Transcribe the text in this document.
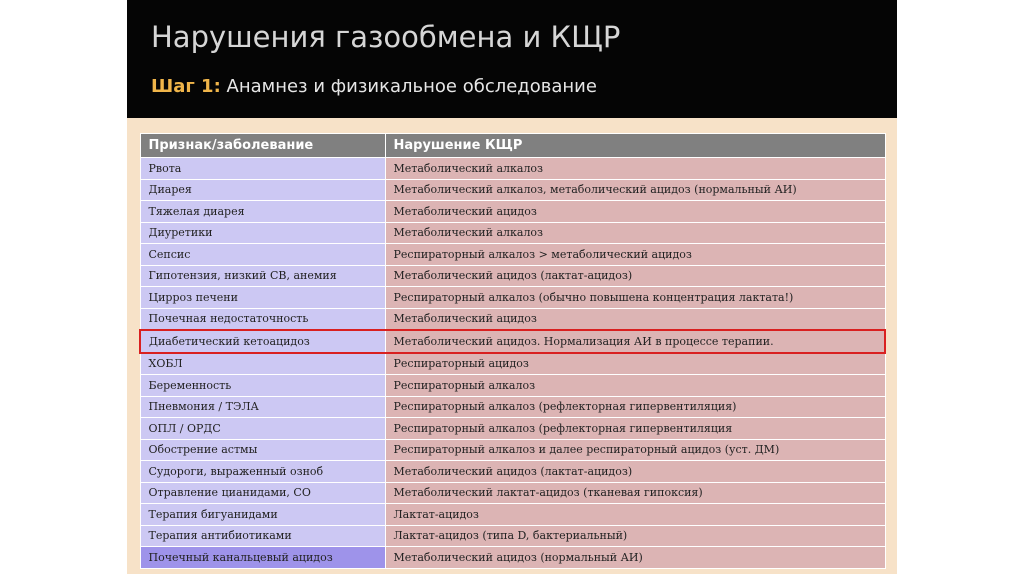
Нарушения газообмена и КЩР
Шаг 1: Анамнез и физикальное обследование
Признак/заболевание	Нарушение КЩР
Рвота	Метаболический алкалоз
Диарея	Метаболический алкалоз, метаболический ацидоз (нормальный АИ)
Тяжелая диарея	Метаболический ацидоз
Диуретики	Метаболический алкалоз
Сепсис	Респираторный алкалоз > метаболический ацидоз
Гипотензия, низкий СВ, анемия	Метаболический ацидоз (лактат-ацидоз)
Цирроз печени	Респираторный алкалоз (обычно повышена концентрация лактата!)
Почечная недостаточность	Метаболический ацидоз
Диабетический кетоацидоз	Метаболический ацидоз. Нормализация АИ в процессе терапии.
ХОБЛ	Респираторный ацидоз
Беременность	Респираторный алкалоз
Пневмония / ТЭЛА	Респираторный алкалоз (рефлекторная гипервентиляция)
ОПЛ / ОРДС	Респираторный алкалоз (рефлекторная гипервентиляция
Обострение астмы	Респираторный алкалоз и далее респираторный ацидоз (уст. ДМ)
Судороги, выраженный озноб	Метаболический ацидоз (лактат-ацидоз)
Отравление цианидами, СО	Метаболический лактат-ацидоз (тканевая гипоксия)
Терапия бигуанидами	Лактат-ацидоз
Терапия антибиотиками	Лактат-ацидоз (типа D, бактериальный)
Почечный канальцевый ацидоз	Метаболический ацидоз (нормальный АИ)
